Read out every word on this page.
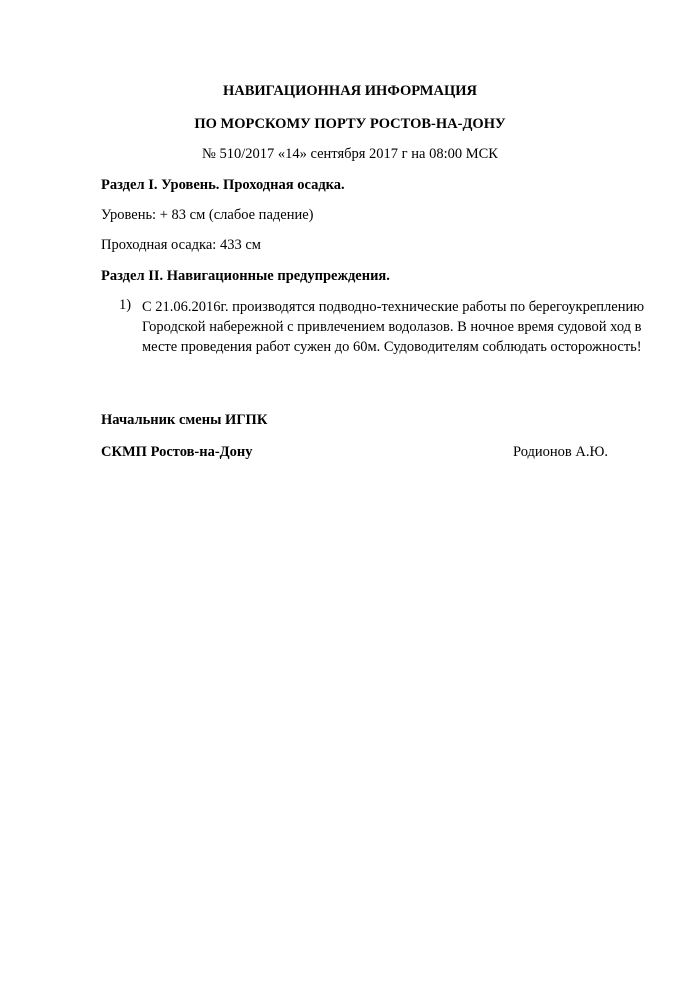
НАВИГАЦИОННАЯ ИНФОРМАЦИЯ
ПО МОРСКОМУ ПОРТУ РОСТОВ-НА-ДОНУ
№ 510/2017 «14» сентября 2017 г на 08:00 МСК
Раздел I. Уровень. Проходная осадка.
Уровень: + 83 см (слабое падение)
Проходная осадка: 433 см
Раздел II. Навигационные предупреждения.
1) С 21.06.2016г. производятся подводно-технические работы по берегоукреплению
Городской набережной с привлечением водолазов. В ночное время судовой ход в
месте проведения работ сужен до 60м. Судоводителям соблюдать осторожность!
Начальник смены ИГПК
СКМП Ростов-на-Дону	Родионов А.Ю.
